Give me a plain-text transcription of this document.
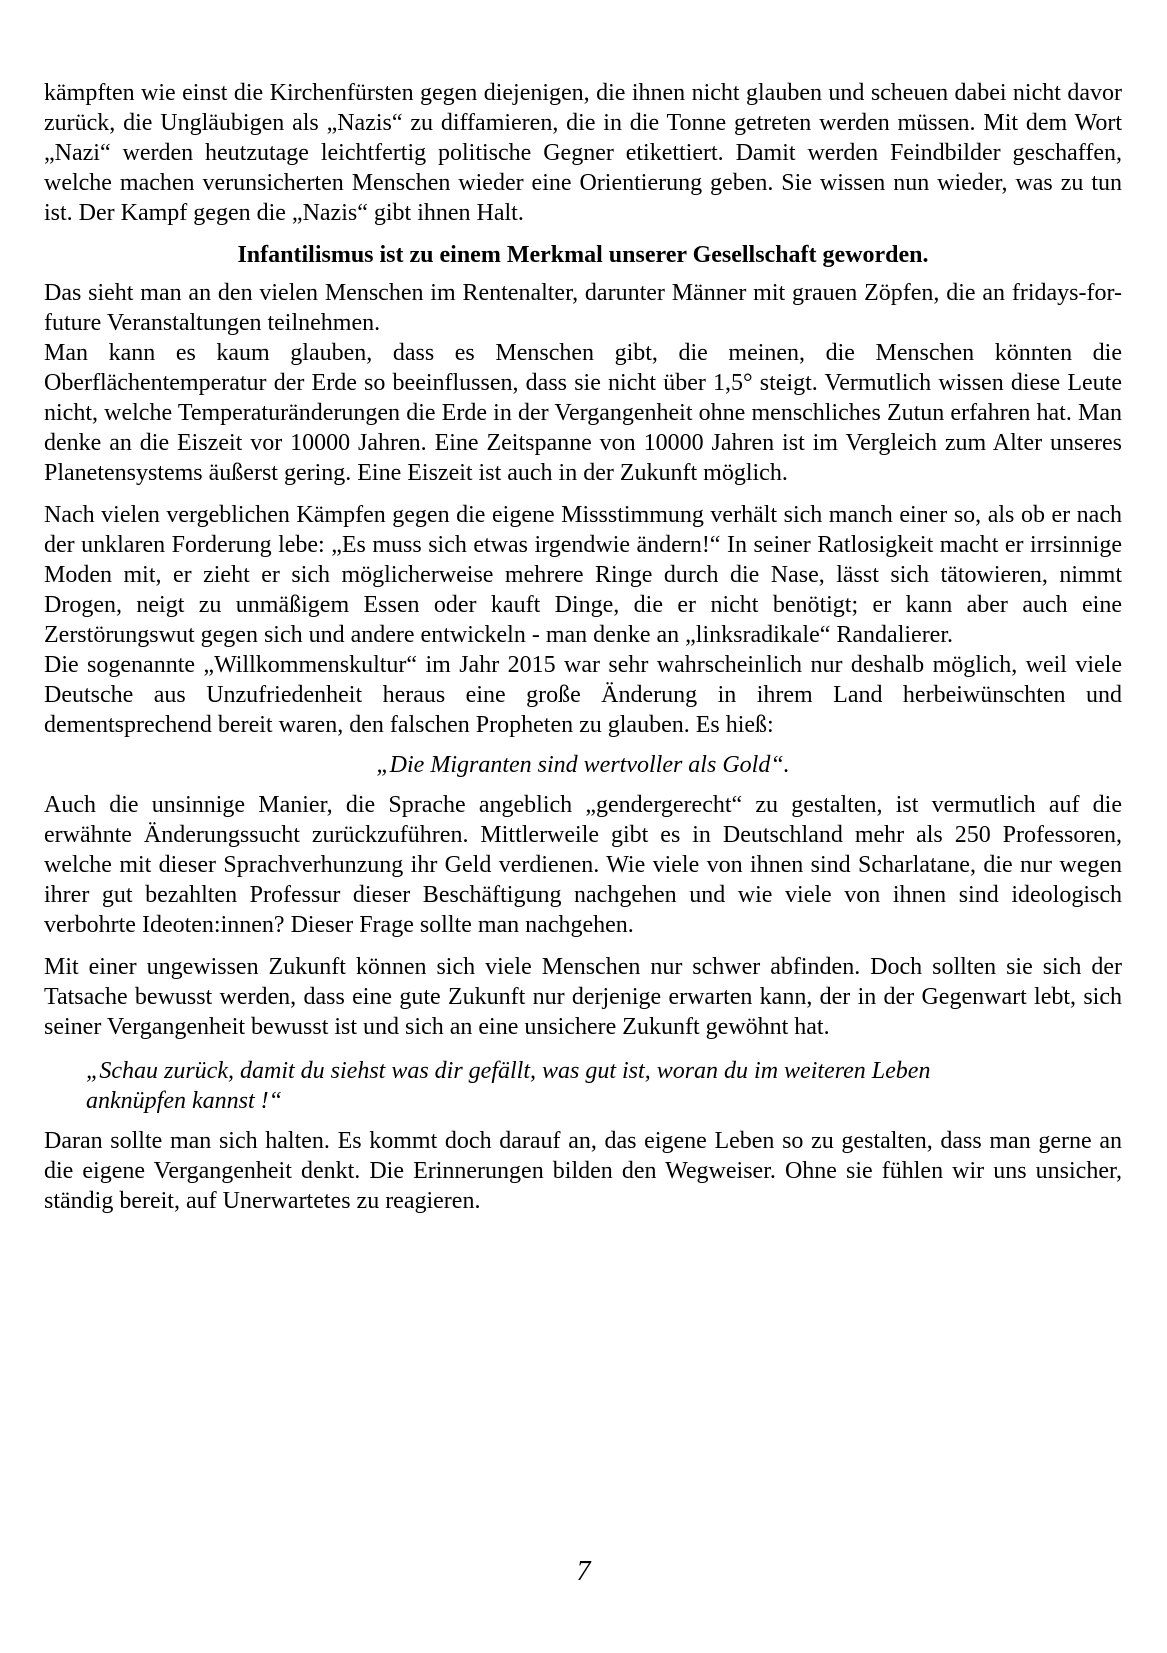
kämpften wie einst die Kirchenfürsten gegen diejenigen, die ihnen nicht glauben und scheuen dabei nicht davor zurück, die Ungläubigen als „Nazis“ zu diffamieren, die in die Tonne getreten werden müssen. Mit dem Wort „Nazi“ werden heutzutage leichtfertig politische Gegner etikettiert. Damit werden Feindbilder geschaffen, welche machen verunsicherten Menschen wieder eine Orientierung geben. Sie wissen nun wieder, was zu tun ist. Der Kampf gegen die „Nazis“ gibt ihnen Halt.

Infantilismus ist zu einem Merkmal unserer Gesellschaft geworden.

Das sieht man an den vielen Menschen im Rentenalter, darunter Männer mit grauen Zöpfen, die an fridays-for-future Veranstaltungen teilnehmen.

Man kann es kaum glauben, dass es Menschen gibt, die meinen, die Menschen könnten die Oberflächentemperatur der Erde so beeinflussen, dass sie nicht über 1,5° steigt. Vermutlich wissen diese Leute nicht, welche Temperaturänderungen die Erde in der Vergangenheit ohne menschliches Zutun erfahren hat. Man denke an die Eiszeit vor 10000 Jahren. Eine Zeitspanne von 10000 Jahren ist im Vergleich zum Alter unseres Planetensystems äußerst gering. Eine Eiszeit ist auch in der Zukunft möglich.

Nach vielen vergeblichen Kämpfen gegen die eigene Missstimmung verhält sich manch einer so, als ob er nach der unklaren Forderung lebe: „Es muss sich etwas irgendwie ändern!“ In seiner Ratlosigkeit macht er irrsinnige Moden mit, er zieht er sich möglicherweise mehrere Ringe durch die Nase, lässt sich tätowieren, nimmt Drogen, neigt zu unmäßigem Essen oder kauft Dinge, die er nicht benötigt; er kann aber auch eine Zerstörungswut gegen sich und andere entwickeln - man denke an „linksradikale“ Randalierer.

Die sogenannte „Willkommenskultur“ im Jahr 2015 war sehr wahrscheinlich nur deshalb möglich, weil viele Deutsche aus Unzufriedenheit heraus eine große Änderung in ihrem Land herbeiwünschten und dementsprechend bereit waren, den falschen Propheten zu glauben. Es hieß:

„Die Migranten sind wertvoller als Gold“.

Auch die unsinnige Manier, die Sprache angeblich „gendergerecht“ zu gestalten, ist vermutlich auf die erwähnte Änderungssucht zurückzuführen. Mittlerweile gibt es in Deutschland mehr als 250 Professoren, welche mit dieser Sprachverhunzung ihr Geld verdienen. Wie viele von ihnen sind Scharlatane, die nur wegen ihrer gut bezahlten Professur dieser Beschäftigung nachgehen und wie viele von ihnen sind ideologisch verbohrte Ideoten:innen? Dieser Frage sollte man nachgehen.

Mit einer ungewissen Zukunft können sich viele Menschen nur schwer abfinden. Doch sollten sie sich der Tatsache bewusst werden, dass eine gute Zukunft nur derjenige erwarten kann, der in der Gegenwart lebt, sich seiner Vergangenheit bewusst ist und sich an eine unsichere Zukunft gewöhnt hat.

„Schau zurück, damit du siehst was dir gefällt, was gut ist, woran du im weiteren Leben anknüpfen kannst !“

Daran sollte man sich halten. Es kommt doch darauf an, das eigene Leben so zu gestalten, dass man gerne an die eigene Vergangenheit denkt. Die Erinnerungen bilden den Wegweiser. Ohne sie fühlen wir uns unsicher, ständig bereit, auf Unerwartetes zu reagieren.

7
